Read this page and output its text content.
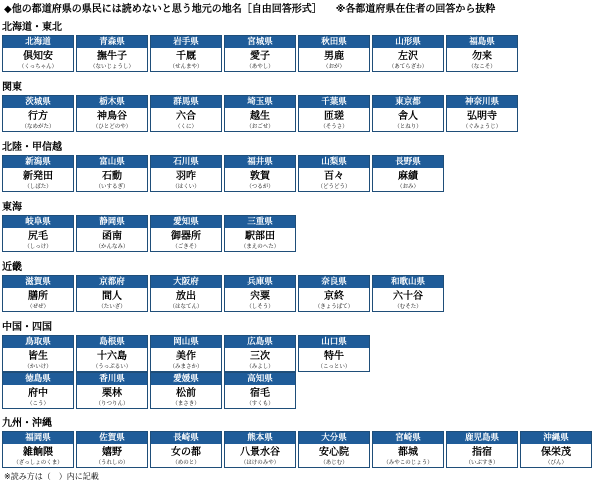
◆他の都道府県の県民には読めないと思う地元の地名［自由回答形式］ ※各都道府県在住者の回答から抜粋
北海道・東北
北海道
倶知安
（くっちゃん）
青森県
撫牛子
（ないじょうし）
岩手県
千厩
（せんまや）
宮城県
愛子
（あやし）
秋田県
男鹿
（おが）
山形県
左沢
（あてらざわ）
福島県
勿来
（なこそ）
関東
茨城県
行方
（なめがた）
栃木県
神鳥谷
（ひとどのや）
群馬県
六合
（くに）
埼玉県
越生
（おごせ）
千葉県
匝瑳
（そうさ）
東京都
舎人
（とねり）
神奈川県
弘明寺
（ぐみょうじ）
北陸・甲信越
新潟県
新発田
（しばた）
富山県
石動
（いするぎ）
石川県
羽咋
（はくい）
福井県
敦賀
（つるが）
山梨県
百々
（どうどう）
長野県
麻績
（おみ）
東海
岐阜県
尻毛
（しっけ）
静岡県
函南
（かんなみ）
愛知県
御器所
（ごきそ）
三重県
駅部田
（まえのへた）
近畿
滋賀県
膳所
（ぜぜ）
京都府
間人
（たいざ）
大阪府
放出
（はなてん）
兵庫県
宍粟
（しそう）
奈良県
京終
（きょうばて）
和歌山県
六十谷
（むそた）
中国・四国
鳥取県
皆生
（かいけ）
島根県
十六島
（うっぷるい）
岡山県
美作
（みまさか）
広島県
三次
（みよし）
山口県
特牛
（こっとい）
徳島県
府中
（こう）
香川県
栗林
（りつりん）
愛媛県
松前
（まさき）
高知県
宿毛
（すくも）
九州・沖縄
福岡県
雑餉隈
（ざっしょのくま）
佐賀県
嬉野
（うれしの）
長崎県
女の都
（めのと）
熊本県
八景水谷
（はけのみや）
大分県
安心院
（あじむ）
宮崎県
都城
（みやこのじょう）
鹿児島県
指宿
（いぶすき）
沖縄県
保栄茂
（びん）
※読み方は（　）内に記載
